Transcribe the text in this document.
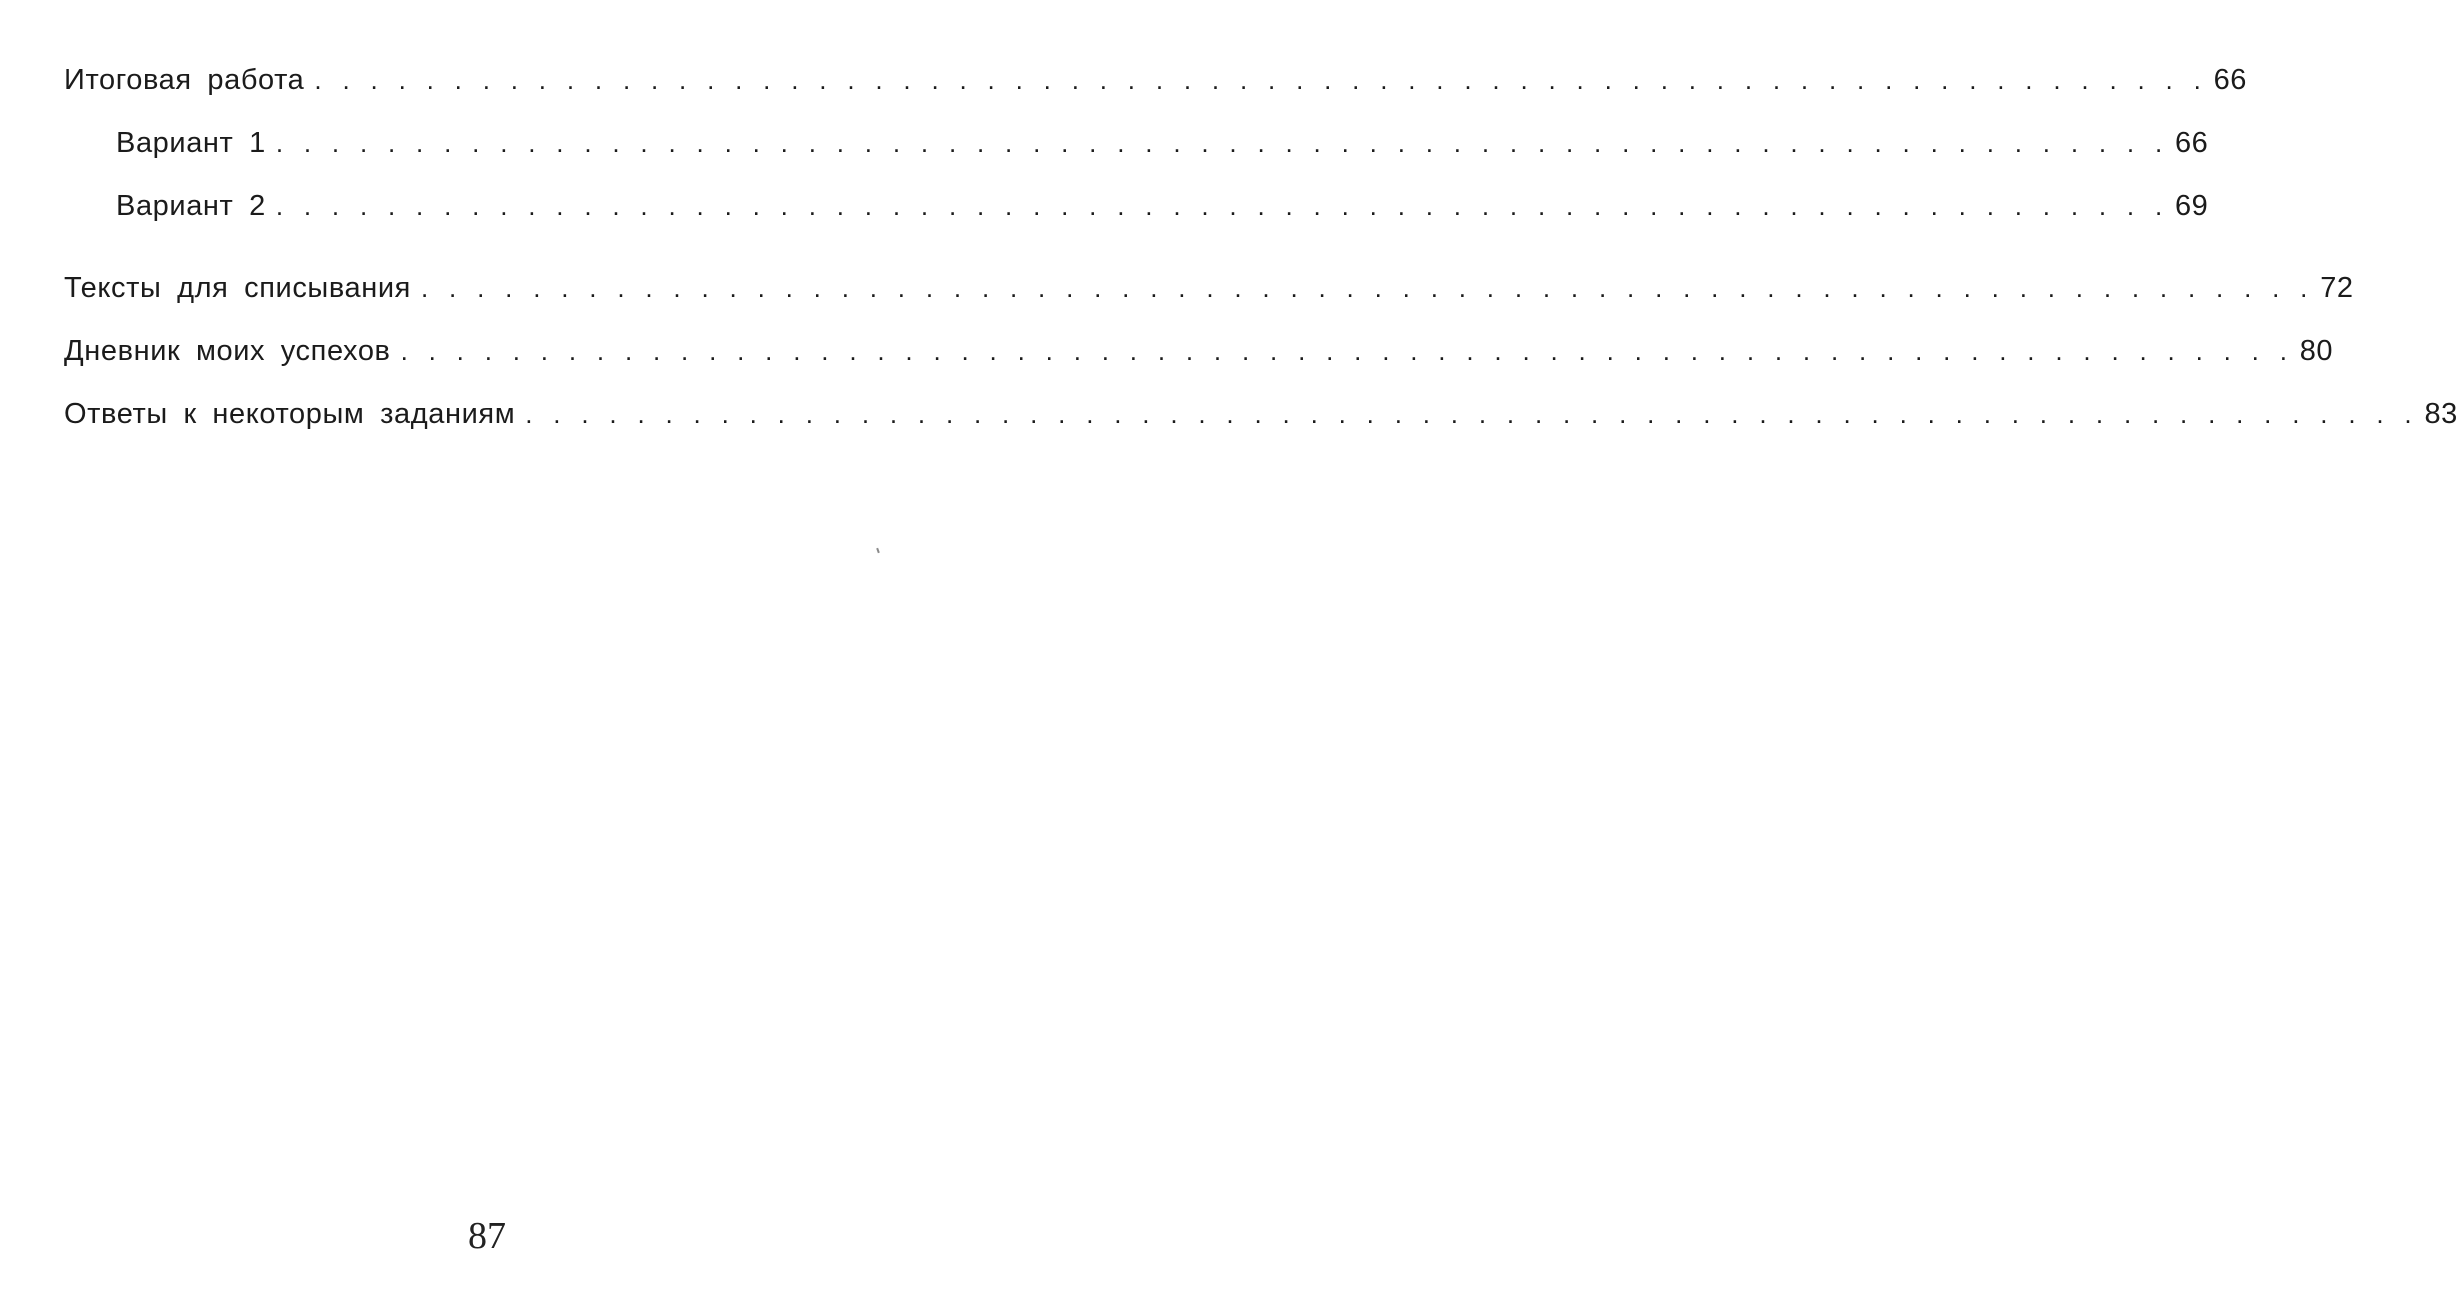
Итоговая работа . . . . . . . . . . . . . . . . . . . . . . . . . . . . . . . . . . . . . . . . . . . . . . . . . . . . . . . . . . . . . . . . . . . . 66
Вариант 1 . . . . . . . . . . . . . . . . . . . . . . . . . . . . . . . . . . . . . . . . . . . . . . . . . . . . . . . . . . . . . . . . . . . . 66
Вариант 2 . . . . . . . . . . . . . . . . . . . . . . . . . . . . . . . . . . . . . . . . . . . . . . . . . . . . . . . . . . . . . . . . . . . . 69
Тексты для списывания . . . . . . . . . . . . . . . . . . . . . . . . . . . . . . . . . . . . . . . . . . . . . . . . . . . . . . . . . . . . . . . . . . . . 72
Дневник моих успехов . . . . . . . . . . . . . . . . . . . . . . . . . . . . . . . . . . . . . . . . . . . . . . . . . . . . . . . . . . . . . . . . . . . . 80
Ответы к некоторым заданиям . . . . . . . . . . . . . . . . . . . . . . . . . . . . . . . . . . . . . . . . . . . . . . . . . . . . . . . . . . . . . . . . . . . . 83
87
